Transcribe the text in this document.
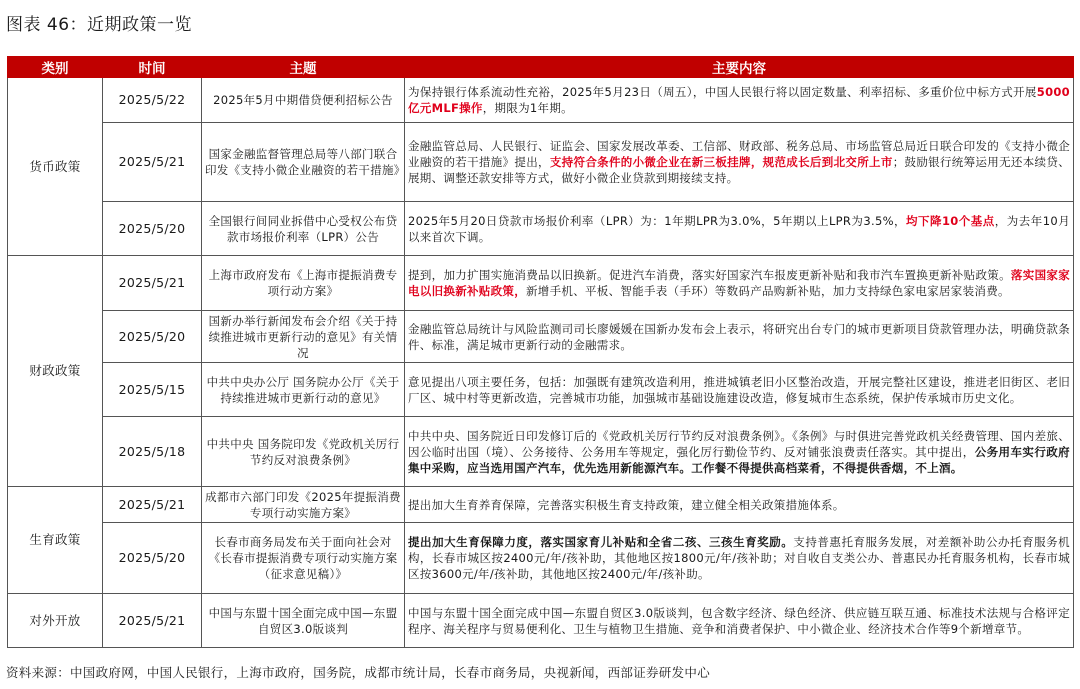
图表 46：近期政策一览
类别	时间	主题	主要内容
货币政策	2025/5/22	2025年5月中期借贷便利招标公告	为保持银行体系流动性充裕，2025年5月23日（周五），中国人民银行将以固定数量、利率招标、多重价位中标方式开展5000亿元MLF操作，期限为1年期。
	2025/5/21	国家金融监督管理总局等八部门联合印发《支持小微企业融资的若干措施》	金融监管总局、人民银行、证监会、国家发展改革委、工信部、财政部、税务总局、市场监管总局近日联合印发的《支持小微企业融资的若干措施》提出，支持符合条件的小微企业在新三板挂牌，规范成长后到北交所上市；鼓励银行统筹运用无还本续贷、展期、调整还款安排等方式，做好小微企业贷款到期接续支持。
	2025/5/20	全国银行间同业拆借中心受权公布贷款市场报价利率（LPR）公告	2025年5月20日贷款市场报价利率（LPR）为：1年期LPR为3.0%，5年期以上LPR为3.5%，均下降10个基点，为去年10月以来首次下调。
财政政策	2025/5/21	上海市政府发布《上海市提振消费专项行动方案》	提到，加力扩围实施消费品以旧换新。促进汽车消费，落实好国家汽车报废更新补贴和我市汽车置换更新补贴政策。落实国家家电以旧换新补贴政策，新增手机、平板、智能手表（手环）等数码产品购新补贴，加力支持绿色家电家居家装消费。
	2025/5/20	国新办举行新闻发布会介绍《关于持续推进城市更新行动的意见》有关情况	金融监管总局统计与风险监测司司长廖媛媛在国新办发布会上表示，将研究出台专门的城市更新项目贷款管理办法，明确贷款条件、标准，满足城市更新行动的金融需求。
	2025/5/15	中共中央办公厅 国务院办公厅《关于持续推进城市更新行动的意见》	意见提出八项主要任务，包括：加强既有建筑改造利用，推进城镇老旧小区整治改造，开展完整社区建设，推进老旧街区、老旧厂区、城中村等更新改造，完善城市功能，加强城市基础设施建设改造，修复城市生态系统，保护传承城市历史文化。
	2025/5/18	中共中央 国务院印发《党政机关厉行节约反对浪费条例》	中共中央、国务院近日印发修订后的《党政机关厉行节约反对浪费条例》。《条例》与时俱进完善党政机关经费管理、国内差旅、因公临时出国（境）、公务接待、公务用车等规定，强化厉行勤俭节约、反对铺张浪费责任落实。其中提出，公务用车实行政府集中采购，应当选用国产汽车，优先选用新能源汽车。工作餐不得提供高档菜肴，不得提供香烟，不上酒。
生育政策	2025/5/21	成都市六部门印发《2025年提振消费专项行动实施方案》	提出加大生育养育保障，完善落实积极生育支持政策，建立健全相关政策措施体系。
	2025/5/20	长春市商务局发布关于面向社会对《长春市提振消费专项行动实施方案（征求意见稿）》	提出加大生育保障力度，落实国家育儿补贴和全省二孩、三孩生育奖励。支持普惠托育服务发展，对差额补助公办托育服务机构，长春市城区按2400元/年/孩补助，其他地区按1800元/年/孩补助；对自收自支类公办、普惠民办托育服务机构，长春市城区按3600元/年/孩补助，其他地区按2400元/年/孩补助。
对外开放	2025/5/21	中国与东盟十国全面完成中国—东盟自贸区3.0版谈判	中国与东盟十国全面完成中国—东盟自贸区3.0版谈判，包含数字经济、绿色经济、供应链互联互通、标准技术法规与合格评定程序、海关程序与贸易便利化、卫生与植物卫生措施、竞争和消费者保护、中小微企业、经济技术合作等9个新增章节。
资料来源：中国政府网，中国人民银行，上海市政府，国务院，成都市统计局，长春市商务局，央视新闻，西部证券研发中心
